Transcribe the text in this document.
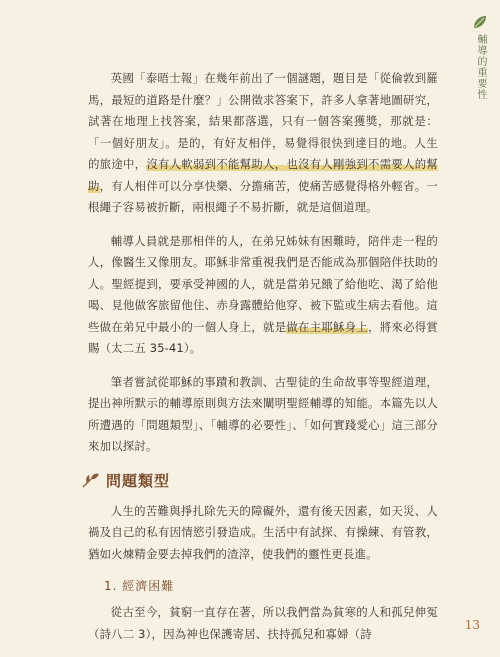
輔導的重要性

英國「泰晤士報」在幾年前出了一個謎題，題目是「從倫敦到羅馬，最短的道路是什麼？」公開徵求答案下，許多人拿著地圖研究，試著在地理上找答案，結果都落選，只有一個答案獲獎，那就是：「一個好朋友」。是的，有好友相伴，易覺得很快到達目的地。人生的旅途中，沒有人軟弱到不能幫助人，也沒有人剛強到不需要人的幫助，有人相伴可以分享快樂、分擔痛苦，使痛苦感覺得格外輕省。一根繩子容易被折斷，兩根繩子不易折斷，就是這個道理。

輔導人員就是那相伴的人，在弟兄姊妹有困難時，陪伴走一程的人，像醫生又像朋友。耶穌非常重視我們是否能成為那個陪伴扶助的人。聖經提到，要承受神國的人，就是當弟兄餓了給他吃、渴了給他喝、見他做客旅留他住、赤身露體給他穿、被下監或生病去看他。這些做在弟兄中最小的一個人身上，就是做在主耶穌身上，將來必得賞賜（太二五 35-41）。

筆者嘗試從耶穌的事蹟和教訓、古聖徒的生命故事等聖經道理，提出神所默示的輔導原則與方法來闡明聖經輔導的知能。本篇先以人所遭遇的「問題類型」、「輔導的必要性」、「如何實踐愛心」這三部分來加以探討。

問題類型

人生的苦難與掙扎除先天的障礙外，還有後天因素，如天災、人禍及自己的私有因情慾引發造成。生活中有試探、有操練、有管教，猶如火煉精金要去掉我們的渣滓，使我們的靈性更長進。

1. 經濟困難

從古至今，貧窮一直存在著，所以我們當為貧寒的人和孤兒伸冤（詩八二 3），因為神也保護寄居、扶持孤兒和寡婦（詩

13
